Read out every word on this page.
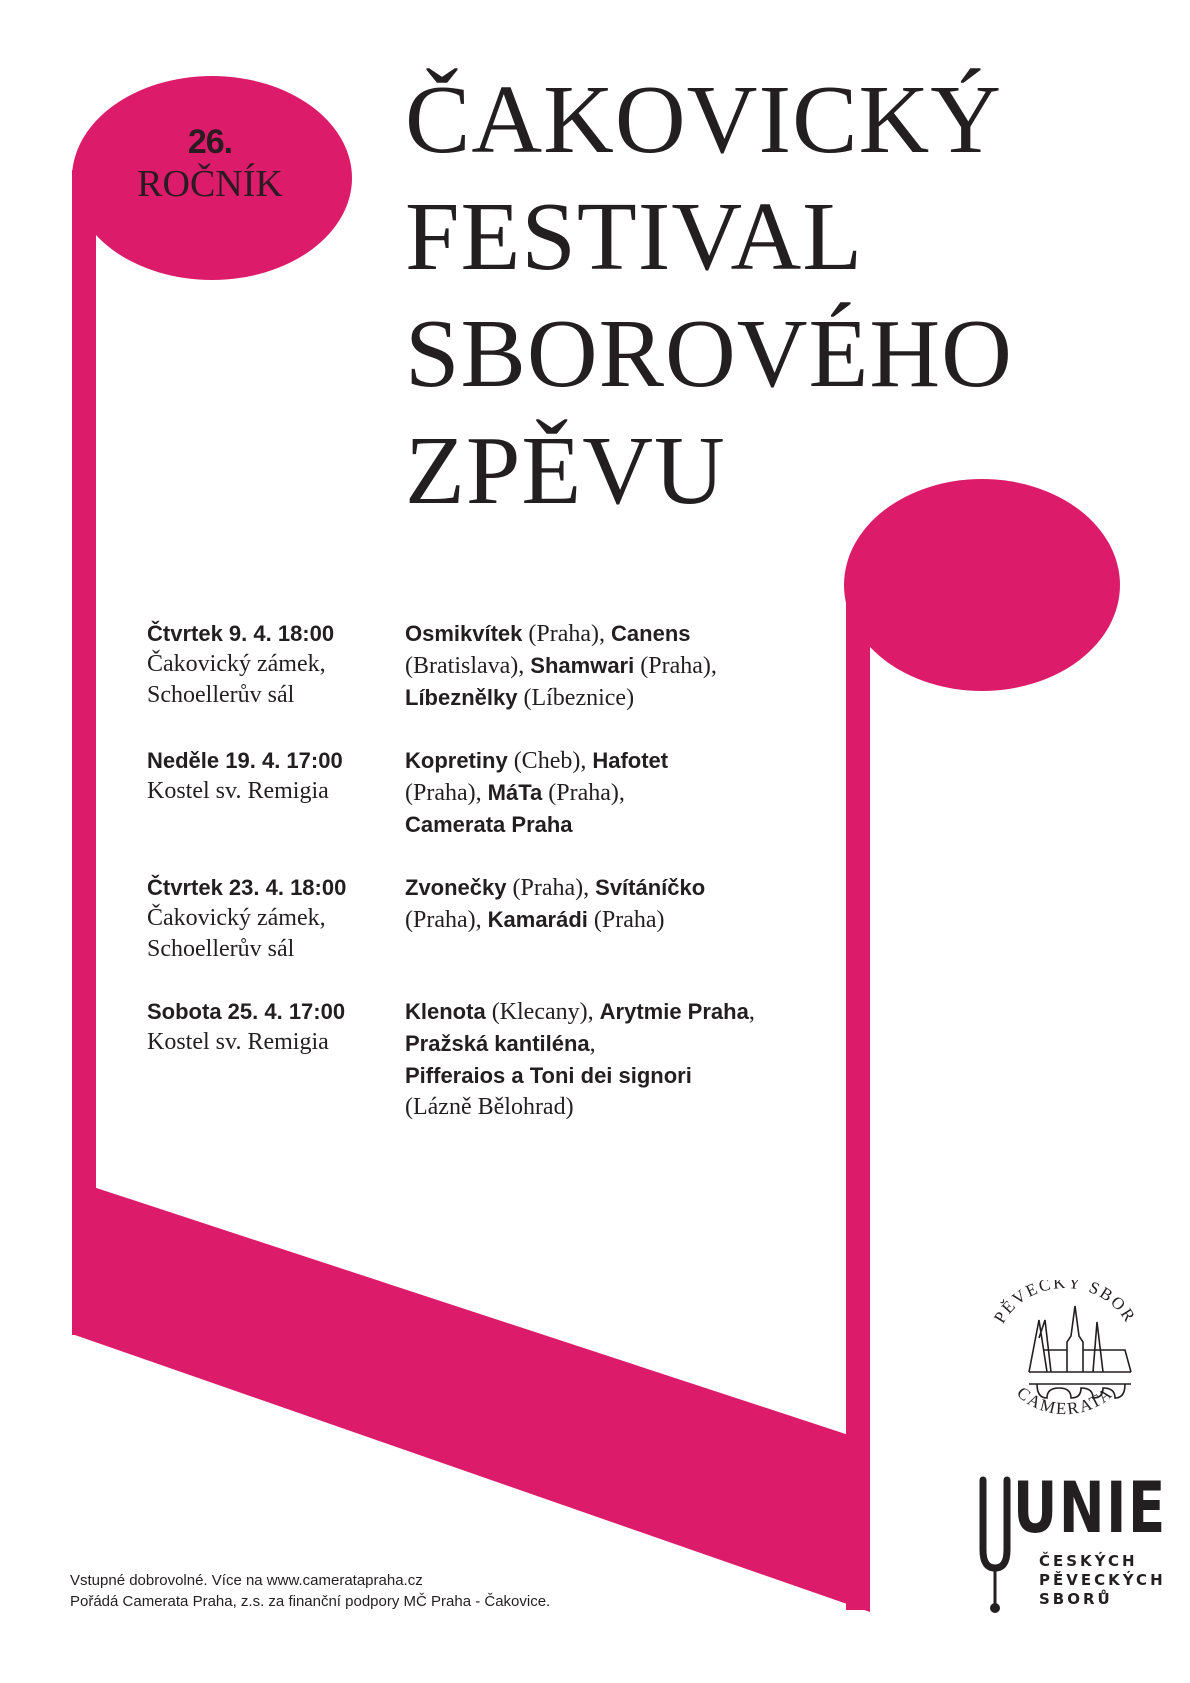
26.
ROČNÍK
ČAKOVICKÝ
FESTIVAL
SBOROVÉHO
ZPĚVU
Čtvrtek 9. 4. 18:00
Čakovický zámek,
Schoellerův sál
Osmikvítek (Praha), Canens (Bratislava), Shamwari (Praha),
Líbeznělky (Líbeznice)
Neděle 19. 4. 17:00
Kostel sv. Remigia
Kopretiny (Cheb), Hafotet
(Praha), MáTa (Praha),
Camerata Praha
Čtvrtek 23. 4. 18:00
Čakovický zámek,
Schoellerův sál
Zvonečky (Praha), Svítáníčko
(Praha), Kamarádi (Praha)
Sobota 25. 4. 17:00
Kostel sv. Remigia
Klenota (Klecany), Arytmie Praha, Pražská kantiléna,
Pifferaios a Toni dei signori
(Lázně Bělohrad)
PĚVECKÝ SBOR
CAMERATA
UNIE
ČESKÝCH
PĚVECKÝCH
SBORŮ
Vstupné dobrovolné. Více na www.cameratapraha.cz
Pořádá Camerata Praha, z.s. za finanční podpory MČ Praha - Čakovice.
